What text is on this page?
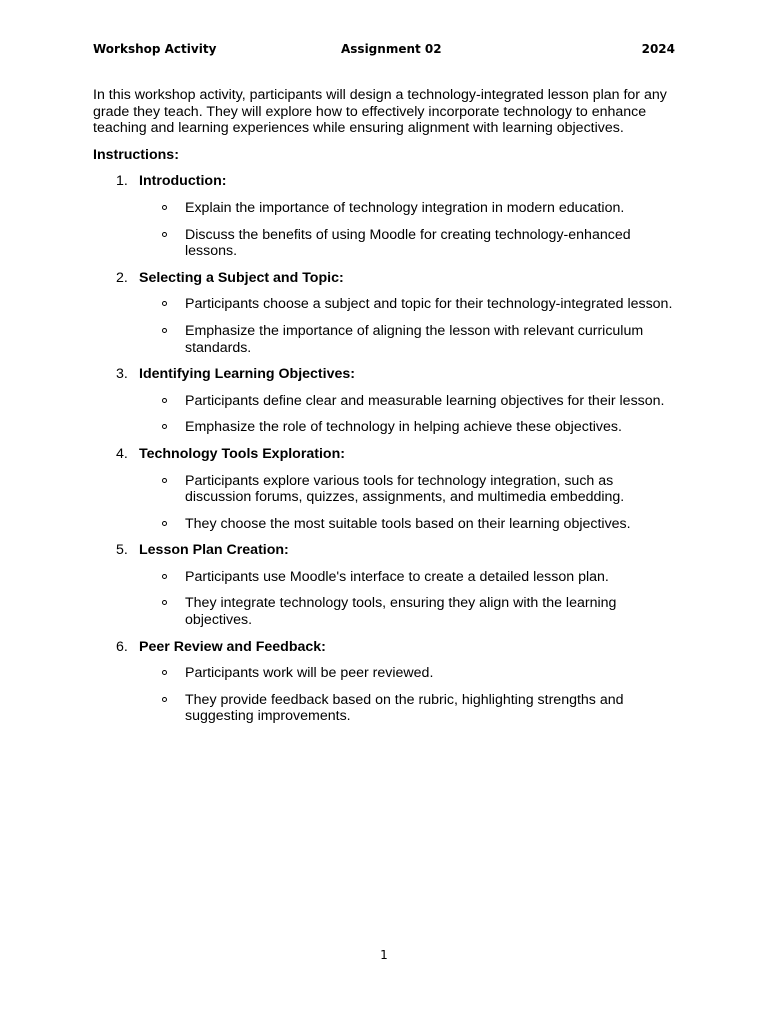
Workshop Activity	Assignment 02	2024

In this workshop activity, participants will design a technology-integrated lesson plan for any grade they teach. They will explore how to effectively incorporate technology to enhance teaching and learning experiences while ensuring alignment with learning objectives.

Instructions:
1. Introduction:
Explain the importance of technology integration in modern education.
Discuss the benefits of using Moodle for creating technology-enhanced lessons.
2. Selecting a Subject and Topic:
Participants choose a subject and topic for their technology-integrated lesson.
Emphasize the importance of aligning the lesson with relevant curriculum standards.
3. Identifying Learning Objectives:
Participants define clear and measurable learning objectives for their lesson.
Emphasize the role of technology in helping achieve these objectives.
4. Technology Tools Exploration:
Participants explore various tools for technology integration, such as discussion forums, quizzes, assignments, and multimedia embedding.
They choose the most suitable tools based on their learning objectives.
5. Lesson Plan Creation:
Participants use Moodle's interface to create a detailed lesson plan.
They integrate technology tools, ensuring they align with the learning objectives.
6. Peer Review and Feedback:
Participants work will be peer reviewed.
They provide feedback based on the rubric, highlighting strengths and suggesting improvements.
1
